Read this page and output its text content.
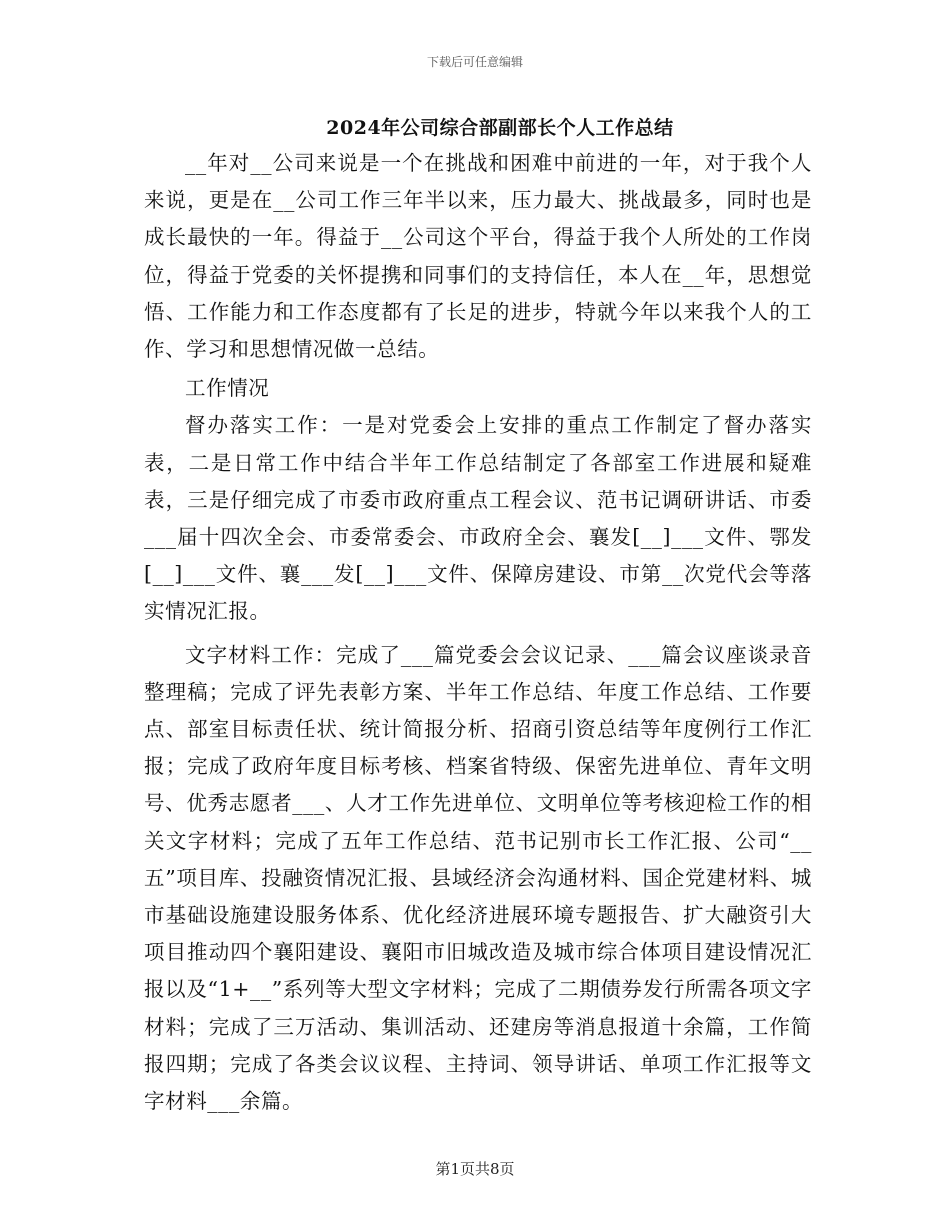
下载后可任意编辑
2024年公司综合部副部长个人工作总结

__年对__公司来说是一个在挑战和困难中前进的一年，对于我个人来说，更是在__公司工作三年半以来，压力最大、挑战最多，同时也是成长最快的一年。得益于__公司这个平台，得益于我个人所处的工作岗位，得益于党委的关怀提携和同事们的支持信任，本人在__年，思想觉悟、工作能力和工作态度都有了长足的进步，特就今年以来我个人的工作、学习和思想情况做一总结。

工作情况

督办落实工作：一是对党委会上安排的重点工作制定了督办落实表，二是日常工作中结合半年工作总结制定了各部室工作进展和疑难表，三是仔细完成了市委市政府重点工程会议、范书记调研讲话、市委___届十四次全会、市委常委会、市政府全会、襄发[__]___文件、鄂发[__]___文件、襄___发[__]___文件、保障房建设、市第__次党代会等落实情况汇报。

文字材料工作：完成了___篇党委会会议记录、___篇会议座谈录音整理稿；完成了评先表彰方案、半年工作总结、年度工作总结、工作要点、部室目标责任状、统计简报分析、招商引资总结等年度例行工作汇报；完成了政府年度目标考核、档案省特级、保密先进单位、青年文明号、优秀志愿者___、人才工作先进单位、文明单位等考核迎检工作的相关文字材料；完成了五年工作总结、范书记别市长工作汇报、公司“__五”项目库、投融资情况汇报、县域经济会沟通材料、国企党建材料、城市基础设施建设服务体系、优化经济进展环境专题报告、扩大融资引大项目推动四个襄阳建设、襄阳市旧城改造及城市综合体项目建设情况汇报以及“1+__”系列等大型文字材料；完成了二期债券发行所需各项文字材料；完成了三万活动、集训活动、还建房等消息报道十余篇，工作简报四期；完成了各类会议议程、主持词、领导讲话、单项工作汇报等文字材料___余篇。

第1页共8页
